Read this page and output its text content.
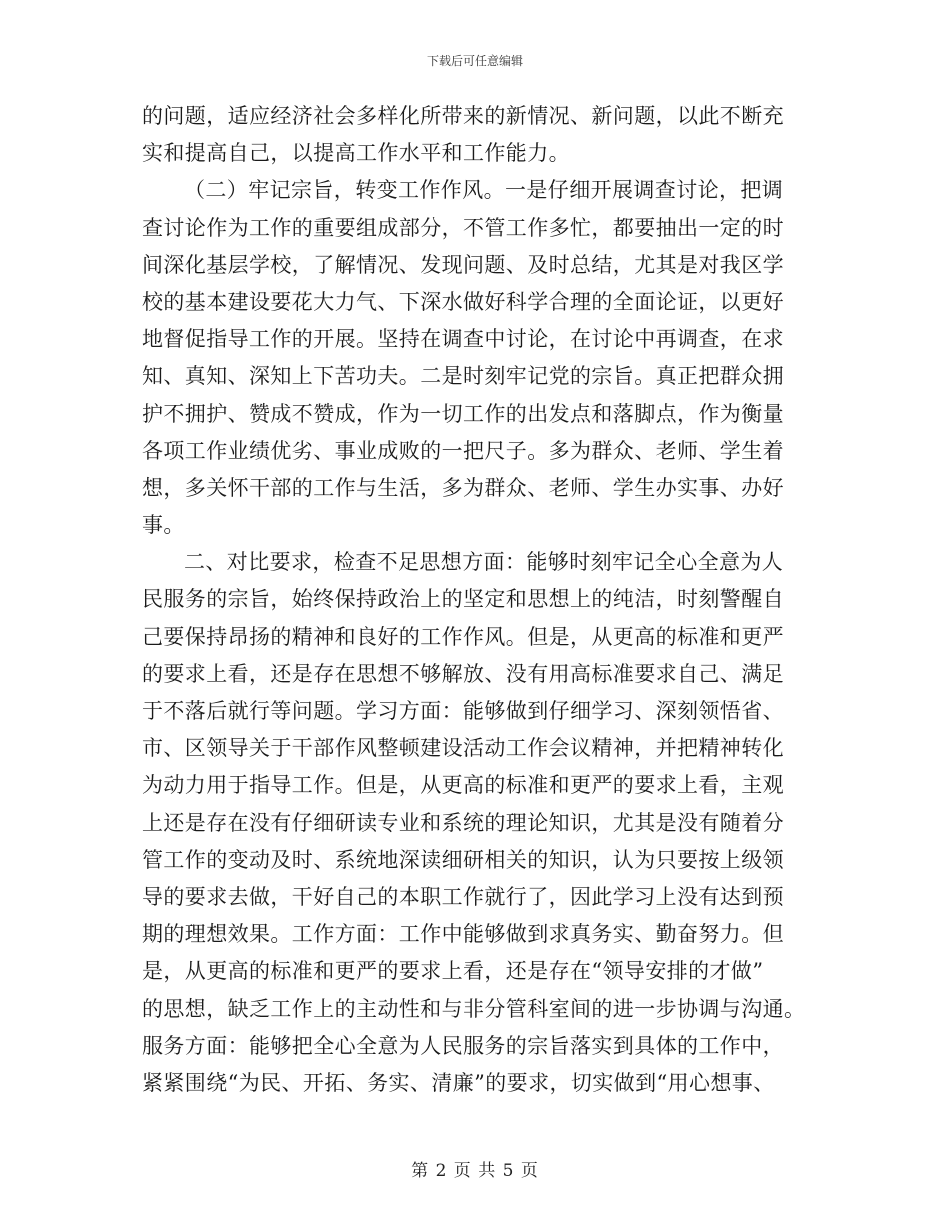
下载后可任意编辑
的问题，适应经济社会多样化所带来的新情况、新问题，以此不断充
实和提高自己，以提高工作水平和工作能力。
（二）牢记宗旨，转变工作作风。一是仔细开展调查讨论，把调
查讨论作为工作的重要组成部分，不管工作多忙，都要抽出一定的时
间深化基层学校，了解情况、发现问题、及时总结，尤其是对我区学
校的基本建设要花大力气、下深水做好科学合理的全面论证，以更好
地督促指导工作的开展。坚持在调查中讨论，在讨论中再调查，在求
知、真知、深知上下苦功夫。二是时刻牢记党的宗旨。真正把群众拥
护不拥护、赞成不赞成，作为一切工作的出发点和落脚点，作为衡量
各项工作业绩优劣、事业成败的一把尺子。多为群众、老师、学生着
想，多关怀干部的工作与生活，多为群众、老师、学生办实事、办好
事。
二、对比要求，检查不足思想方面：能够时刻牢记全心全意为人
民服务的宗旨，始终保持政治上的坚定和思想上的纯洁，时刻警醒自
己要保持昂扬的精神和良好的工作作风。但是，从更高的标准和更严
的要求上看，还是存在思想不够解放、没有用高标准要求自己、满足
于不落后就行等问题。学习方面：能够做到仔细学习、深刻领悟省、
市、区领导关于干部作风整顿建设活动工作会议精神，并把精神转化
为动力用于指导工作。但是，从更高的标准和更严的要求上看，主观
上还是存在没有仔细研读专业和系统的理论知识，尤其是没有随着分
管工作的变动及时、系统地深读细研相关的知识，认为只要按上级领
导的要求去做，干好自己的本职工作就行了，因此学习上没有达到预
期的理想效果。工作方面：工作中能够做到求真务实、勤奋努力。但
是，从更高的标准和更严的要求上看，还是存在“领导安排的才做”
的思想，缺乏工作上的主动性和与非分管科室间的进一步协调与沟通。
服务方面：能够把全心全意为人民服务的宗旨落实到具体的工作中，
紧紧围绕“为民、开拓、务实、清廉”的要求，切实做到“用心想事、
第 2 页 共 5 页
